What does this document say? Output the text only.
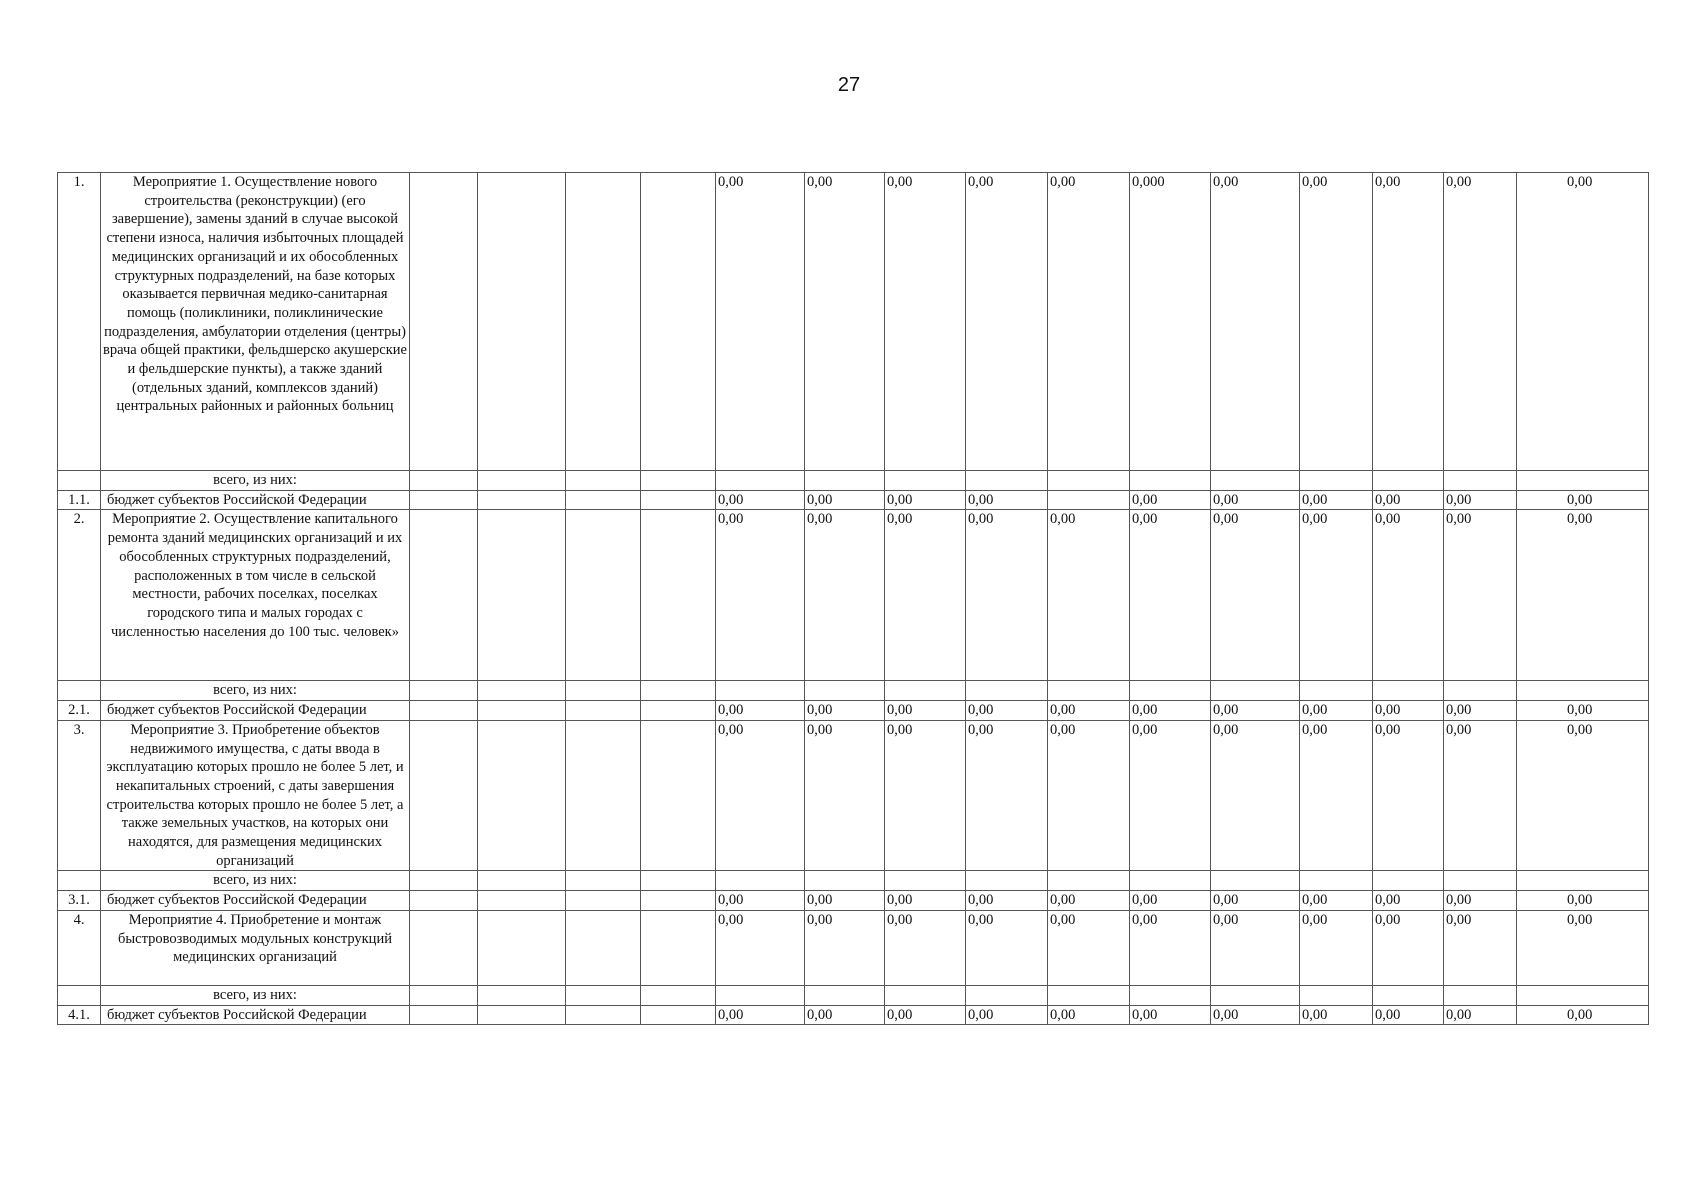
27
1.	Мероприятие 1. Осуществление нового строительства (реконструкции) (его завершение), замены зданий в случае высокой степени износа, наличия избыточных площадей медицинских организаций и их обособленных структурных подразделений, на базе которых оказывается первичная медико-санитарная помощь (поликлиники, поликлинические подразделения, амбулатории отделения (центры) врача общей практики, фельдшерско акушерские и фельдшерские пункты), а также зданий (отдельных зданий, комплексов зданий) центральных районных и районных больниц					0,00	0,00	0,00	0,00	0,00	0,000	0,00	0,00	0,00	0,00	0,00
	всего, из них:															
1.1.	бюджет субъектов Российской Федерации					0,00	0,00	0,00	0,00		0,00	0,00	0,00	0,00	0,00	0,00
2.	Мероприятие 2. Осуществление капитального ремонта зданий медицинских организаций и их обособленных структурных подразделений, расположенных в том числе в сельской местности, рабочих поселках, поселках городского типа и малых городах с численностью населения до 100 тыс. человек»					0,00	0,00	0,00	0,00	0,00	0,00	0,00	0,00	0,00	0,00	0,00
	всего, из них:															
2.1.	бюджет субъектов Российской Федерации					0,00	0,00	0,00	0,00	0,00	0,00	0,00	0,00	0,00	0,00	0,00
3.	Мероприятие 3. Приобретение объектов недвижимого имущества, с даты ввода в эксплуатацию которых прошло не более 5 лет, и некапитальных строений, с даты завершения строительства которых прошло не более 5 лет, а также земельных участков, на которых они находятся, для размещения медицинских организаций					0,00	0,00	0,00	0,00	0,00	0,00	0,00	0,00	0,00	0,00	0,00
	всего, из них:															
3.1.	бюджет субъектов Российской Федерации					0,00	0,00	0,00	0,00	0,00	0,00	0,00	0,00	0,00	0,00	0,00
4.	Мероприятие 4. Приобретение и монтаж быстровозводимых модульных конструкций медицинских организаций					0,00	0,00	0,00	0,00	0,00	0,00	0,00	0,00	0,00	0,00	0,00
	всего, из них:															
4.1.	бюджет субъектов Российской Федерации					0,00	0,00	0,00	0,00	0,00	0,00	0,00	0,00	0,00	0,00	0,00
